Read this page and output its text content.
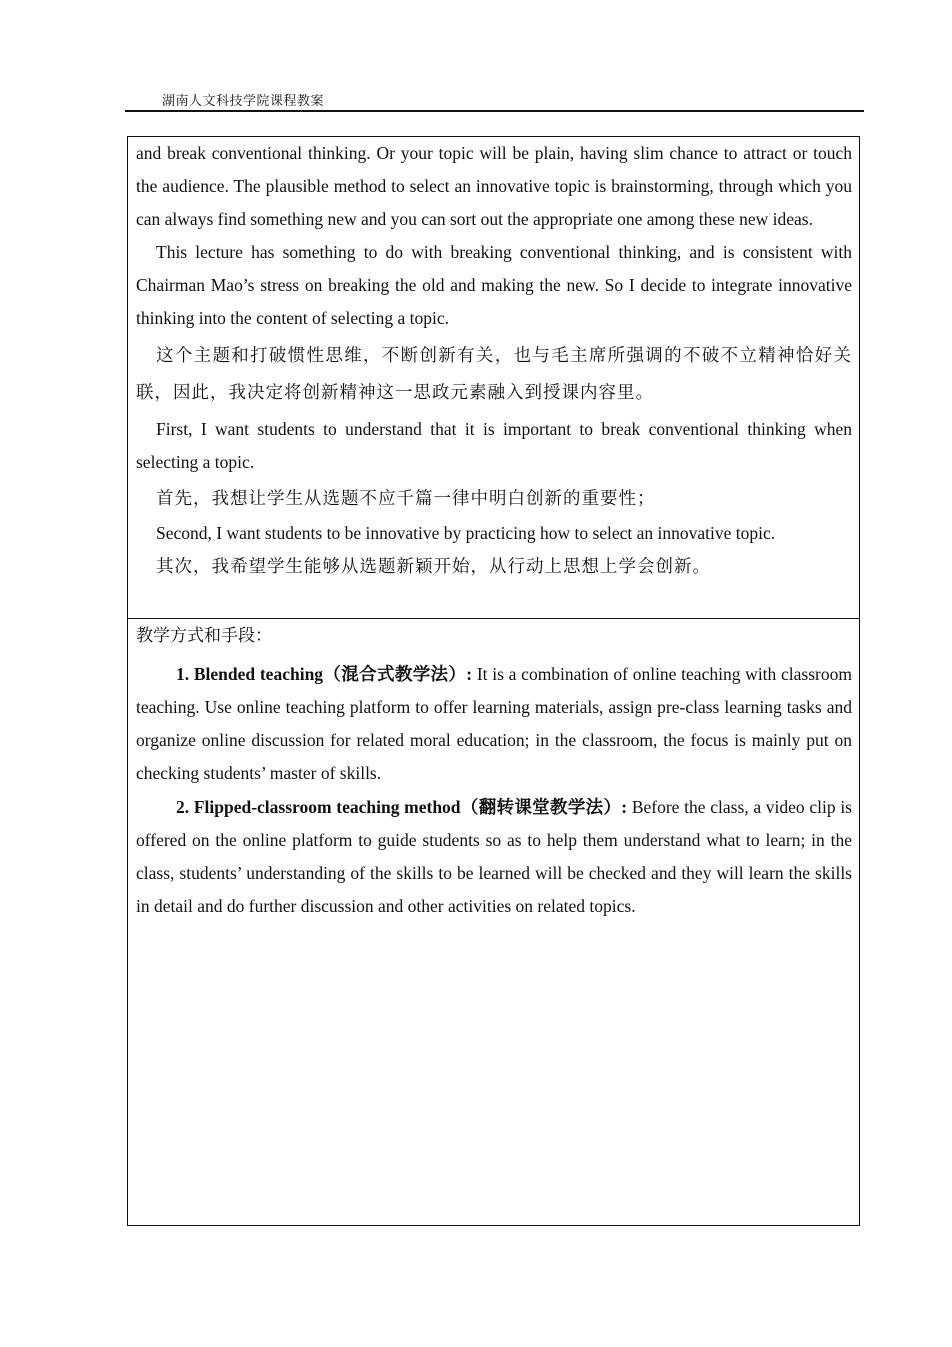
湖南人文科技学院课程教案

and break conventional thinking. Or your topic will be plain, having slim chance to attract or touch the audience. The plausible method to select an innovative topic is brainstorming, through which you can always find something new and you can sort out the appropriate one among these new ideas.

This lecture has something to do with breaking conventional thinking, and is consistent with Chairman Mao’s stress on breaking the old and making the new. So I decide to integrate innovative thinking into the content of selecting a topic.

这个主题和打破惯性思维，不断创新有关，也与毛主席所强调的不破不立精神恰好关联，因此，我决定将创新精神这一思政元素融入到授课内容里。

First, I want students to understand that it is important to break conventional thinking when selecting a topic.

首先，我想让学生从选题不应千篇一律中明白创新的重要性；

Second, I want students to be innovative by practicing how to select an innovative topic.

其次，我希望学生能够从选题新颖开始，从行动上思想上学会创新。

教学方式和手段：

1. Blended teaching（混合式教学法）: It is a combination of online teaching with classroom teaching. Use online teaching platform to offer learning materials, assign pre-class learning tasks and organize online discussion for related moral education; in the classroom, the focus is mainly put on checking students’ master of skills.

2. Flipped-classroom teaching method（翻转课堂教学法）: Before the class, a video clip is offered on the online platform to guide students so as to help them understand what to learn; in the class, students’ understanding of the skills to be learned will be checked and they will learn the skills in detail and do further discussion and other activities on related topics.
